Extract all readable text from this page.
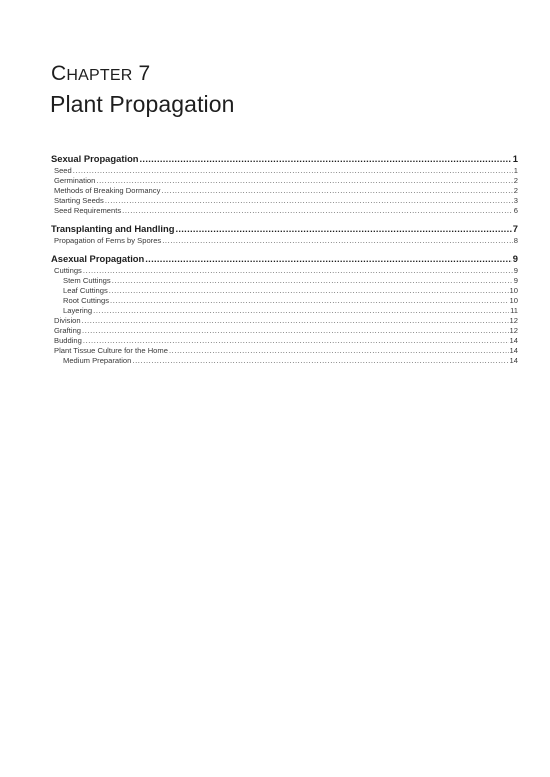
CHAPTER 7
Plant Propagation
Sexual Propagation .....	1
Seed .....	1
Germination .....	2
Methods of Breaking Dormancy .....	2
Starting Seeds .....	3
Seed Requirements .....	6
Transplanting and Handling .....	7
Propagation of Ferns by Spores .....	8
Asexual Propagation .....	9
Cuttings .....	9
Stem Cuttings .....	9
Leaf Cuttings .....	10
Root Cuttings .....	10
Layering .....	11
Division .....	12
Grafting .....	12
Budding .....	14
Plant Tissue Culture for the Home .....	14
Medium Preparation .....	14
